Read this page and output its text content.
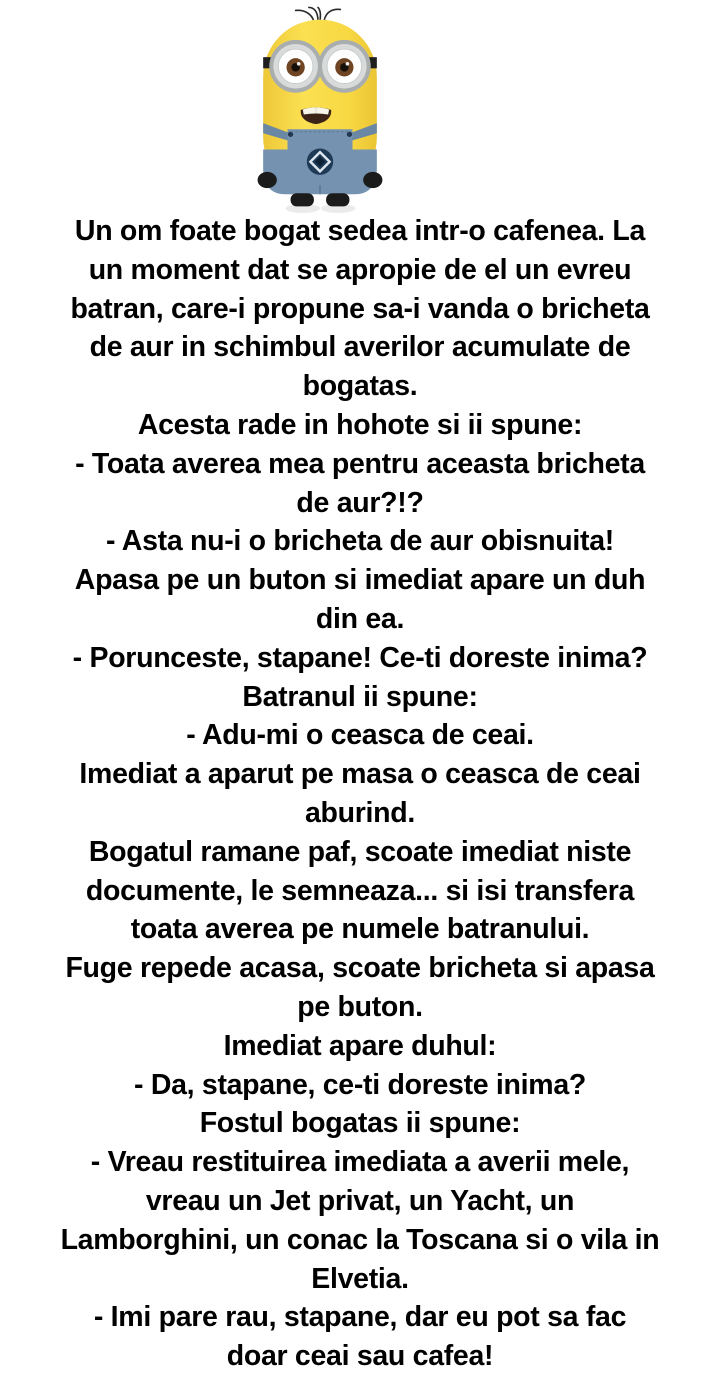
Un om foate bogat sedea intr-o cafenea. La
un moment dat se apropie de el un evreu
batran, care-i propune sa-i vanda o bricheta
de aur in schimbul averilor acumulate de
bogatas.
Acesta rade in hohote si ii spune:
- Toata averea mea pentru aceasta bricheta
de aur?!?
- Asta nu-i o bricheta de aur obisnuita!
Apasa pe un buton si imediat apare un duh
din ea.
- Porunceste, stapane! Ce-ti doreste inima?
Batranul ii spune:
- Adu-mi o ceasca de ceai.
Imediat a aparut pe masa o ceasca de ceai
aburind.
Bogatul ramane paf, scoate imediat niste
documente, le semneaza... si isi transfera
toata averea pe numele batranului.
Fuge repede acasa, scoate bricheta si apasa
pe buton.
Imediat apare duhul:
- Da, stapane, ce-ti doreste inima?
Fostul bogatas ii spune:
- Vreau restituirea imediata a averii mele,
vreau un Jet privat, un Yacht, un
Lamborghini, un conac la Toscana si o vila in
Elvetia.
- Imi pare rau, stapane, dar eu pot sa fac
doar ceai sau cafea!
